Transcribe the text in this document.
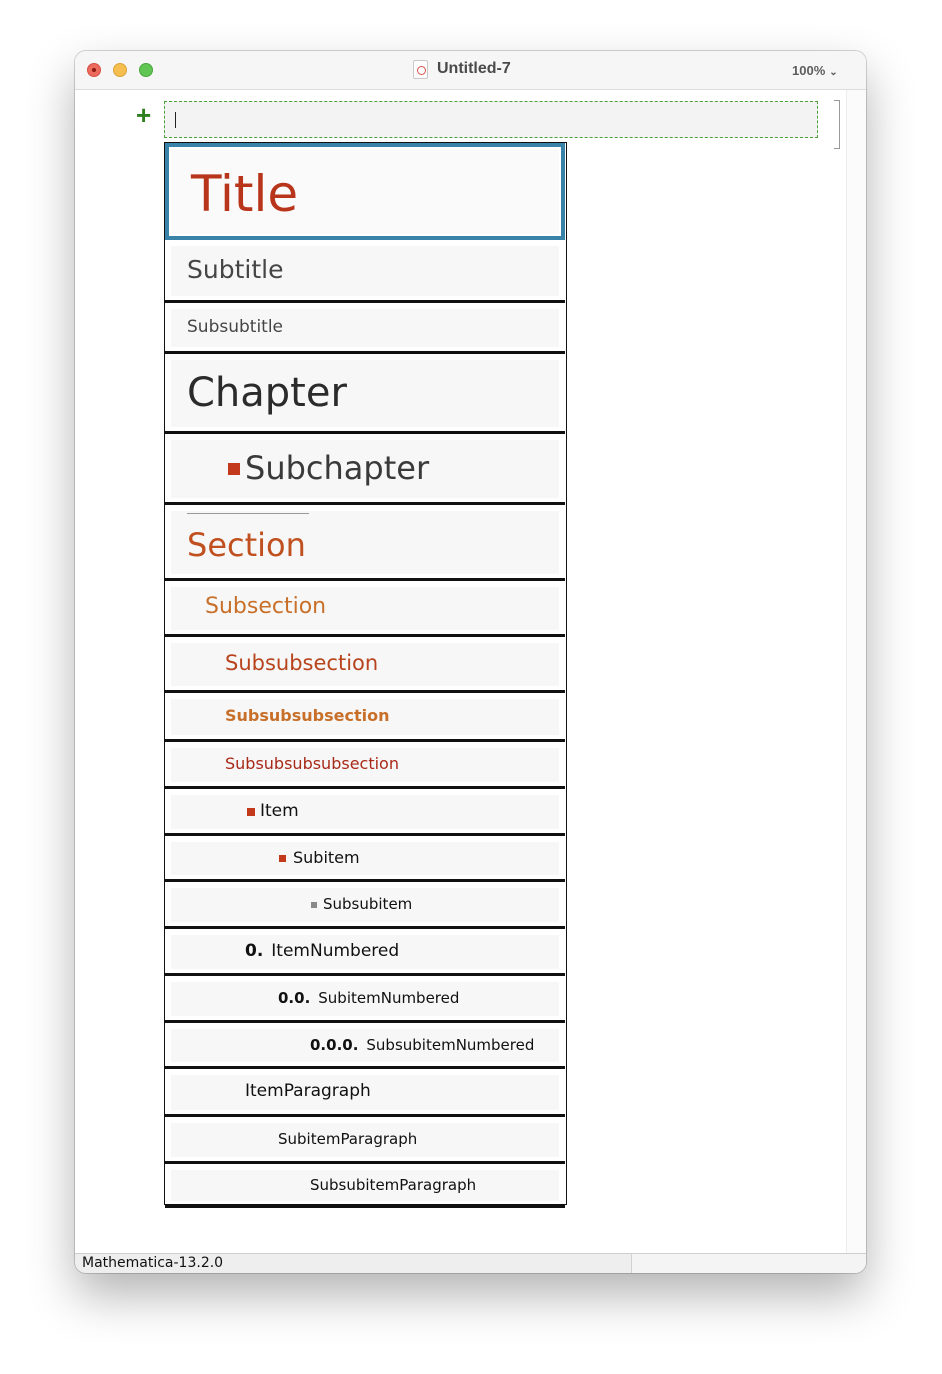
Untitled-7	100% ⌄
+
Title
Subtitle
Subsubtitle
Chapter
Subchapter
Section
Subsection
Subsubsection
Subsubsubsection
Subsubsubsubsection
Item
Subitem
Subsubitem
0. ItemNumbered
0.0. SubitemNumbered
0.0.0. SubsubitemNumbered
ItemParagraph
SubitemParagraph
SubsubitemParagraph
Mathematica-13.2.0
